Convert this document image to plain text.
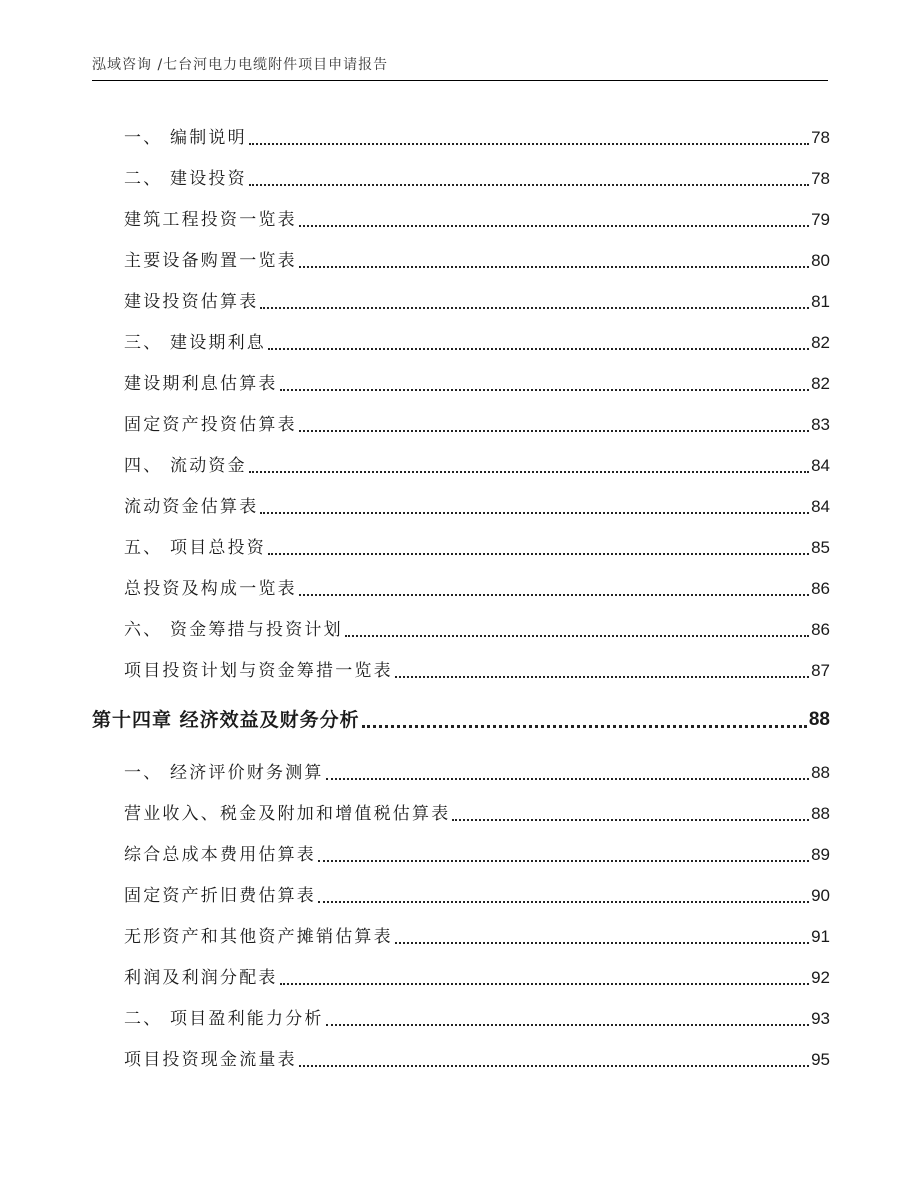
泓域咨询 /七台河电力电缆附件项目申请报告
一、 编制说明	78
二、 建设投资	78
建筑工程投资一览表	79
主要设备购置一览表	80
建设投资估算表	81
三、 建设期利息	82
建设期利息估算表	82
固定资产投资估算表	83
四、 流动资金	84
流动资金估算表	84
五、 项目总投资	85
总投资及构成一览表	86
六、 资金筹措与投资计划	86
项目投资计划与资金筹措一览表	87
第十四章 经济效益及财务分析	88
一、 经济评价财务测算	88
营业收入、税金及附加和增值税估算表	88
综合总成本费用估算表	89
固定资产折旧费估算表	90
无形资产和其他资产摊销估算表	91
利润及利润分配表	92
二、 项目盈利能力分析	93
项目投资现金流量表	95
